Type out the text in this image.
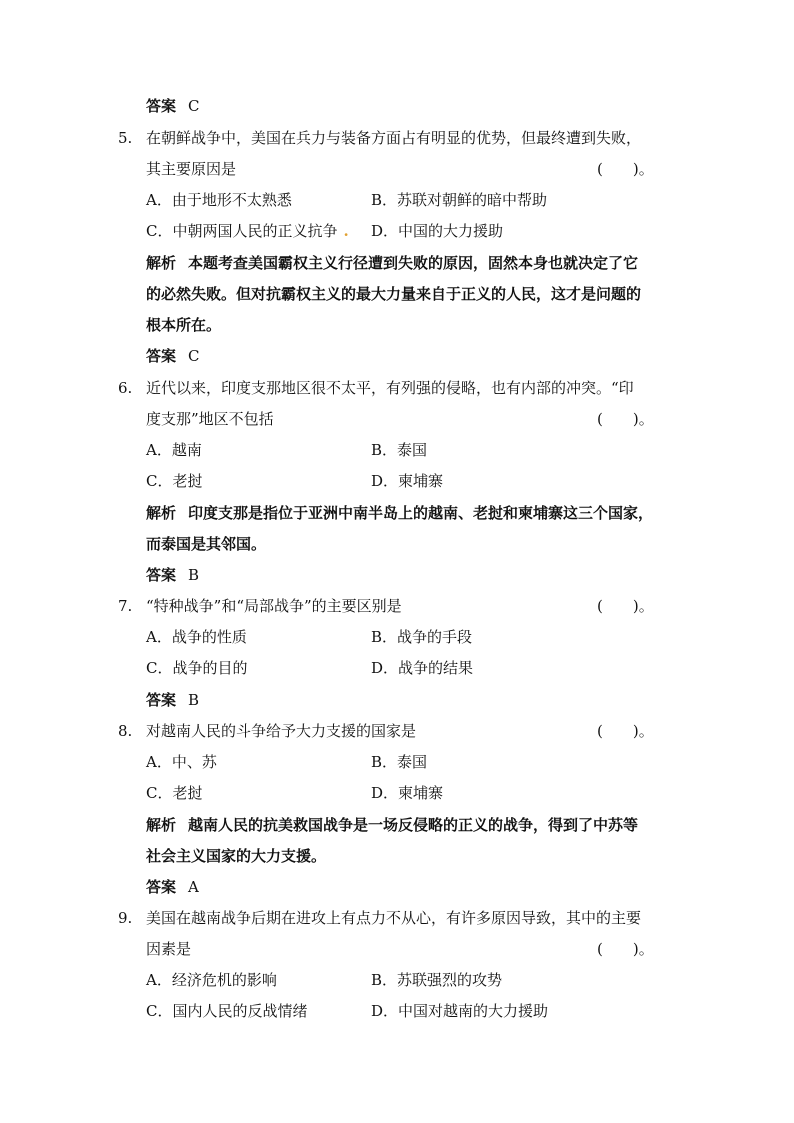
答案 C
5. 在朝鲜战争中，美国在兵力与装备方面占有明显的优势，但最终遭到失败，
其主要原因是	(　　)。
A．由于地形不太熟悉	B．苏联对朝鲜的暗中帮助
C．中朝两国人民的正义抗争 .	D．中国的大力援助
解析 本题考查美国霸权主义行径遭到失败的原因，固然本身也就决定了它
的必然失败。但对抗霸权主义的最大力量来自于正义的人民，这才是问题的
根本所在。
答案 C
6. 近代以来，印度支那地区很不太平，有列强的侵略，也有内部的冲突。“印
度支那”地区不包括	(　　)。
A．越南	B．泰国
C．老挝	D．柬埔寨
解析 印度支那是指位于亚洲中南半岛上的越南、老挝和柬埔寨这三个国家，
而泰国是其邻国。
答案 B
7. “特种战争”和“局部战争”的主要区别是	(　　)。
A．战争的性质	B．战争的手段
C．战争的目的	D．战争的结果
答案 B
8. 对越南人民的斗争给予大力支援的国家是	(　　)。
A．中、苏	B．泰国
C．老挝	D．柬埔寨
解析 越南人民的抗美救国战争是一场反侵略的正义的战争，得到了中苏等
社会主义国家的大力支援。
答案 A
9. 美国在越南战争后期在进攻上有点力不从心，有许多原因导致，其中的主要
因素是	(　　)。
A．经济危机的影响	B．苏联强烈的攻势
C．国内人民的反战情绪	D．中国对越南的大力援助
